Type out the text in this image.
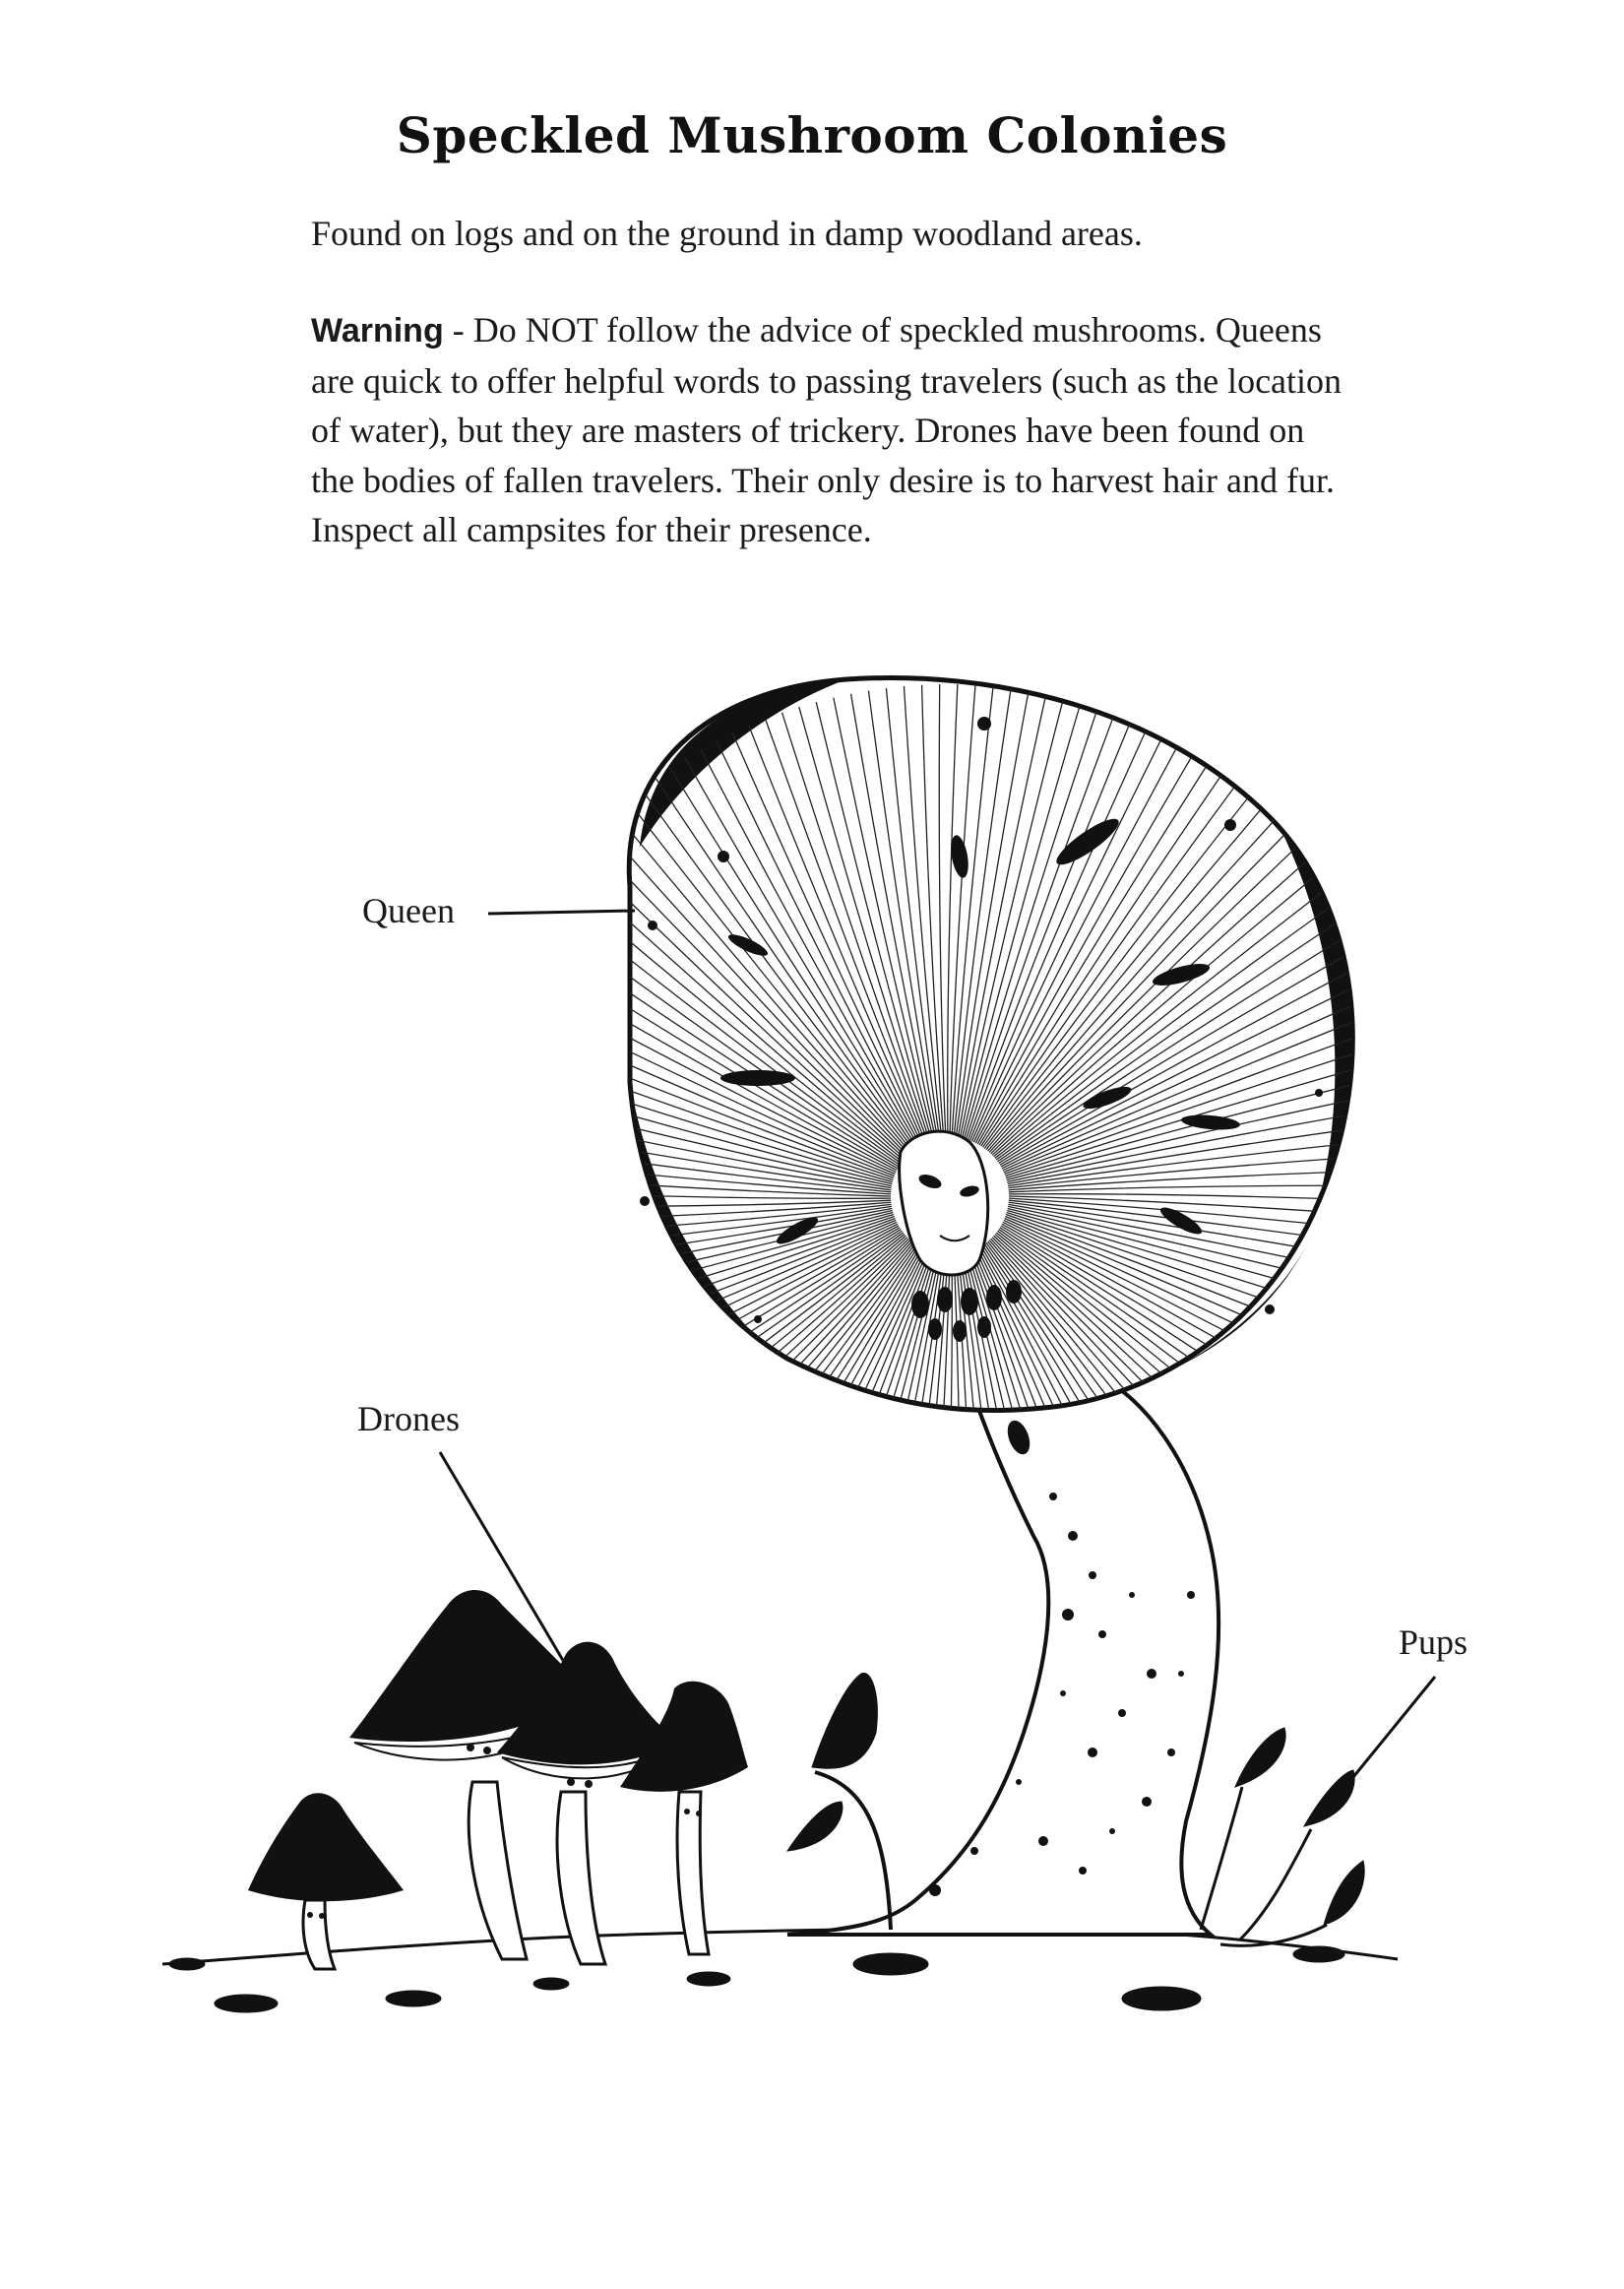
Speckled Mushroom Colonies

Found on logs and on the ground in damp woodland areas.

Warning - Do NOT follow the advice of speckled mushrooms. Queens are quick to offer helpful words to passing travelers (such as the location of water), but they are masters of trickery. Drones have been found on the bodies of fallen travelers. Their only desire is to harvest hair and fur. Inspect all campsites for their presence.

Queen
Drones
Pups
